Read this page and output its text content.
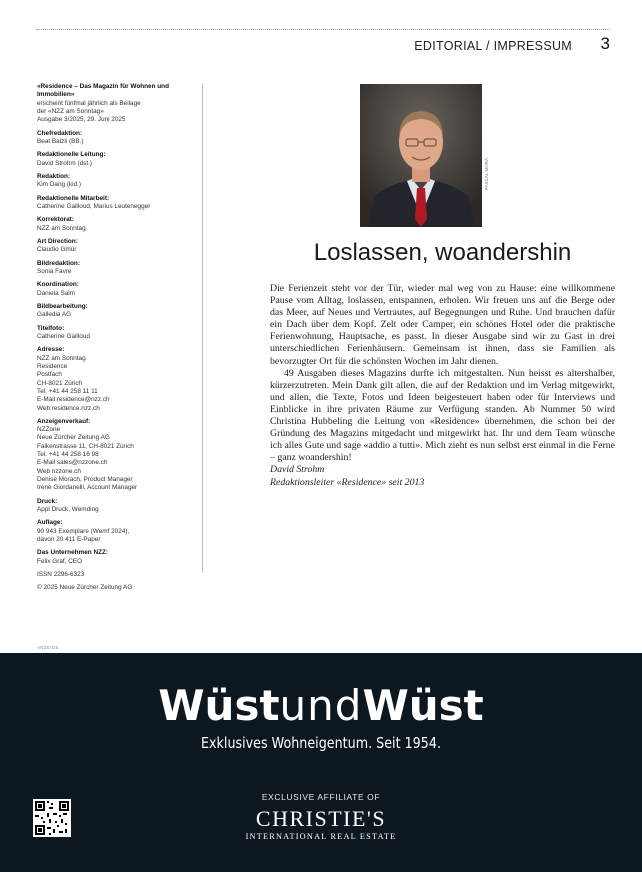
EDITORIAL / IMPRESSUM 3
«Residence – Das Magazin für Wohnen und Immobilien»
erscheint fünfmal jährlich als Beilage
der «NZZ am Sonntag»
Ausgabe 3/2025, 29. Juni 2025
Chefredaktion:
Beat Balzli (BB.)
Redaktionelle Leitung:
David Strohm (dst.)
Redaktion:
Kim Dang (kid.)
Redaktionelle Mitarbeit:
Catherine Gailloud, Marius Leutenegger
Korrektorat:
NZZ am Sonntag
Art Direction:
Claudio Gmür
Bildredaktion:
Sonia Favre
Koordination:
Daniela Salm
Bildbearbeitung:
Galledia AG
Titelfoto:
Catherine Gailloud
Adresse:
NZZ am Sonntag
Residence
Postfach
CH-8021 Zürich
Tel. +41 44 258 11 11
E-Mail residence@nzz.ch
Web residence.nzz.ch
Anzeigenverkauf:
NZZone
Neue Zürcher Zeitung AG
Falkenstrasse 11, CH-8021 Zürich
Tel. +41 44 258 16 98
E-Mail sales@nzzone.ch
Web nzzone.ch
Denise Morach, Product Manager
Irene Giordanelli, Account Manager
Druck:
Appl Druck, Wemding
Auflage:
90 943 Exemplare (Wemf 2024),
davon 20 411 E-Paper
Das Unternehmen NZZ:
Felix Graf, CEO
ISSN 2296-6323
© 2025 Neue Zürcher Zeitung AG
PASCAL MORA
Loslassen, woandershin

Die Ferienzeit steht vor der Tür, wieder mal weg von zu Hause: eine willkommene Pause vom Alltag, loslassen, entspannen, erholen. Wir freuen uns auf die Berge oder das Meer, auf Neues und Vertrautes, auf Begegnungen und Ruhe. Und brauchen dafür ein Dach über dem Kopf. Zelt oder Camper, ein schönes Hotel oder die praktische Ferienwohnung, Hauptsache, es passt. In dieser Ausgabe sind wir zu Gast in drei unterschiedlichen Ferienhäusern. Gemeinsam ist ihnen, dass sie Familien als bevorzugter Ort für die schönsten Wochen im Jahr dienen.

49 Ausgaben dieses Magazins durfte ich mitgestalten. Nun heisst es altershalber, kürzerzutreten. Mein Dank gilt allen, die auf der Redaktion und im Verlag mitgewirkt, und allen, die Texte, Fotos und Ideen beigesteuert haben oder für Interviews und Einblicke in ihre privaten Räume zur Verfügung standen. Ab Nummer 50 wird Christina Hubbeling die Leitung von «Residence» übernehmen, die schon bei der Gründung des Magazins mitgedacht und mitgewirkt hat. Ihr und dem Team wünsche ich alles Gute und sage «addio a tutti». Mich zieht es nun selbst erst einmal in die Ferne – ganz woandershin!

David Strohm

Redaktionsleiter «Residence» seit 2013

ANZEIGE
WüstundWüst
Exklusives Wohneigentum. Seit 1954.
EXCLUSIVE AFFILIATE OF
CHRISTIE'S
INTERNATIONAL REAL ESTATE
